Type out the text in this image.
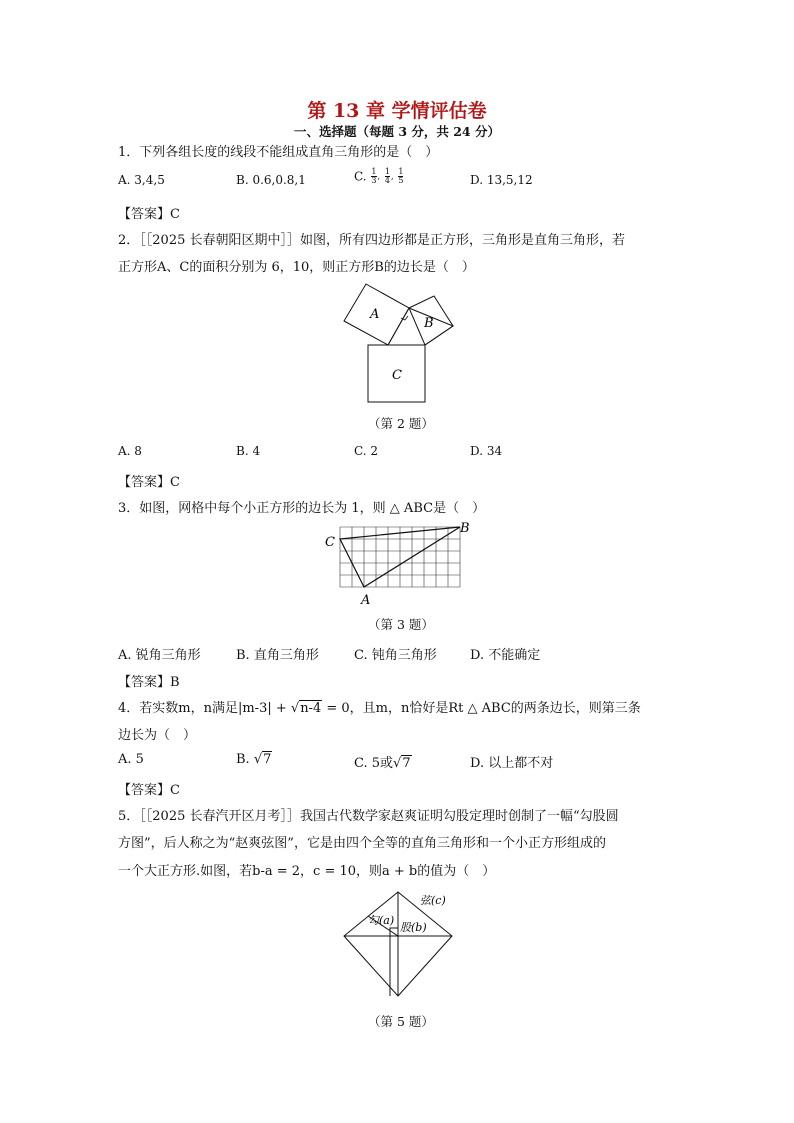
第 13 章 学情评估卷
一、选择题（每题 3 分，共 24 分）
1．下列各组长度的线段不能组成直角三角形的是（　）
A. 3,4,5	B. 0.6,0.8,1	C. $\frac{1}{3}$ , $\frac{1}{4}$ , $\frac{1}{5}$	D. 13,5,12
【答案】C
2．［［2025 长春朝阳区期中］］如图，所有四边形都是正方形，三角形是直角三角形，若
正方形A、C的面积分别为 6，10，则正方形B的边长是（　）
A
B
C
（第 2 题）
A. 8	B. 4	C. 2	D. 34
【答案】C
3．如图，网格中每个小正方形的边长为 1，则 △ ABC是（　）
C
B
A
（第 3 题）
A. 锐角三角形	B. 直角三角形	C. 钝角三角形	D. 不能确定
【答案】B
4．若实数m，n满足|m-3| + √n-4 = 0，且m，n恰好是Rt △ ABC的两条边长，则第三条
边长为（　）
A. 5	B. √7	C. 5或√7	D. 以上都不对
【答案】C
5．［［2025 长春汽开区月考］］我国古代数学家赵爽证明勾股定理时创制了一幅“勾股圆
方图”，后人称之为“赵爽弦图”，它是由四个全等的直角三角形和一个小正方形组成的
一个大正方形.如图，若b-a = 2，c = 10，则a + b的值为（　）
弦(c)
勾(a)
股(b)
（第 5 题）
